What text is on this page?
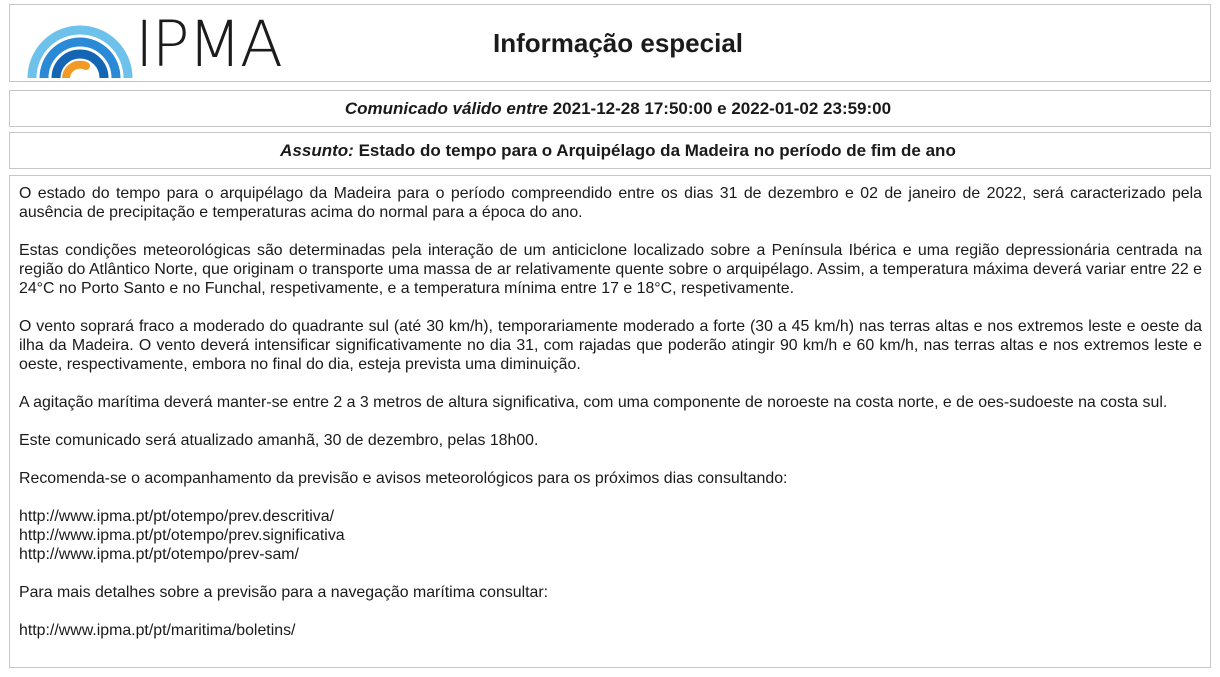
IPMA	Informação especial
Comunicado válido entre 2021-12-28 17:50:00 e 2022-01-02 23:59:00
Assunto: Estado do tempo para o Arquipélago da Madeira no período de fim de ano

O estado do tempo para o arquipélago da Madeira para o período compreendido entre os dias 31 de dezembro e 02 de janeiro de 2022, será caracterizado pela ausência de precipitação e temperaturas acima do normal para a época do ano.

Estas condições meteorológicas são determinadas pela interação de um anticiclone localizado sobre a Península Ibérica e uma região depressionária centrada na região do Atlântico Norte, que originam o transporte uma massa de ar relativamente quente sobre o arquipélago. Assim, a temperatura máxima deverá variar entre 22 e 24°C no Porto Santo e no Funchal, respetivamente, e a temperatura mínima entre 17 e 18°C, respetivamente.

O vento soprará fraco a moderado do quadrante sul (até 30 km/h), temporariamente moderado a forte (30 a 45 km/h) nas terras altas e nos extremos leste e oeste da ilha da Madeira. O vento deverá intensificar significativamente no dia 31, com rajadas que poderão atingir 90 km/h e 60 km/h, nas terras altas e nos extremos leste e oeste, respectivamente, embora no final do dia, esteja prevista uma diminuição.

A agitação marítima deverá manter-se entre 2 a 3 metros de altura significativa, com uma componente de noroeste na costa norte, e de oes-sudoeste na costa sul.

Este comunicado será atualizado amanhã, 30 de dezembro, pelas 18h00.

Recomenda-se o acompanhamento da previsão e avisos meteorológicos para os próximos dias consultando:

http://www.ipma.pt/pt/otempo/prev.descritiva/
http://www.ipma.pt/pt/otempo/prev.significativa
http://www.ipma.pt/pt/otempo/prev-sam/

Para mais detalhes sobre a previsão para a navegação marítima consultar:

http://www.ipma.pt/pt/maritima/boletins/
